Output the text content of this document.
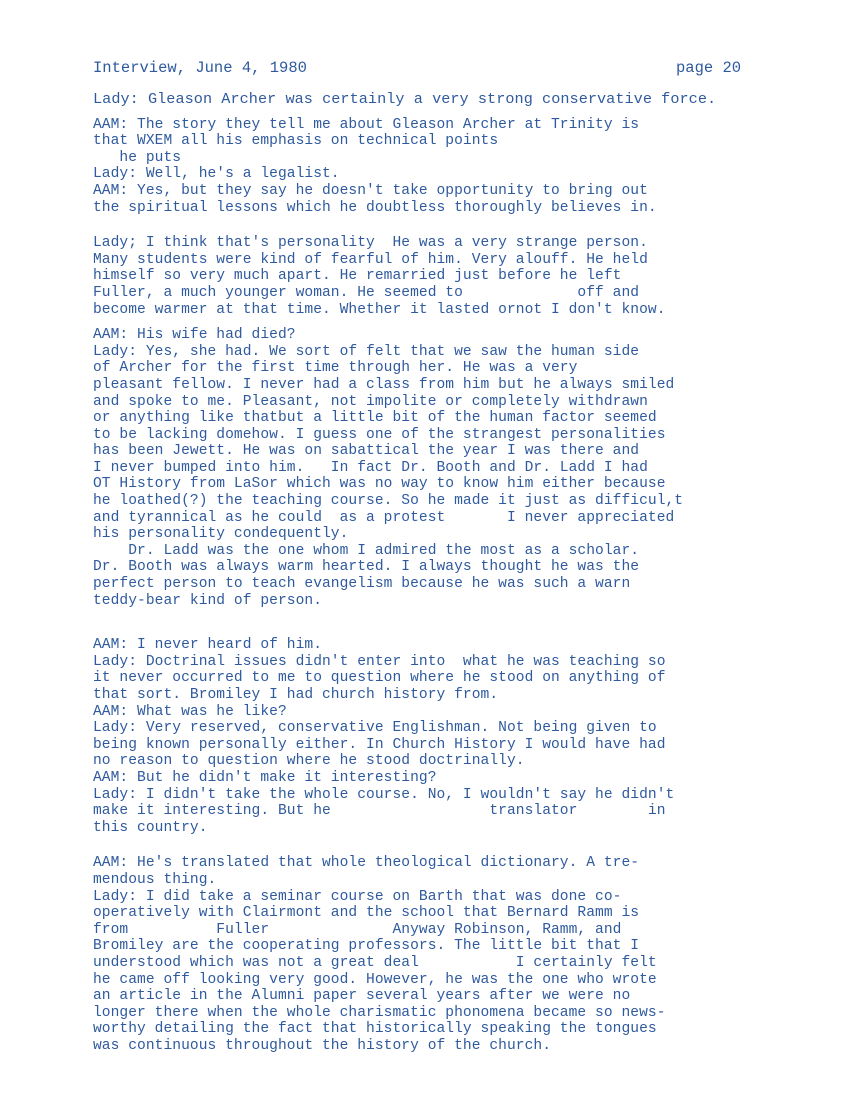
Interview, June 4, 1980	page 20
Lady: Gleason Archer was certainly a very strong conservative force.
AAM: The story they tell me about Gleason Archer at Trinity is
that WXEM all his emphasis on technical points
he puts
Lady: Well, he's a legalist.
AAM: Yes, but they say he doesn't take opportunity to bring out
the spiritual lessons which he doubtless thoroughly believes in.
Lady; I think that's personality  He was a very strange person.
Many students were kind of fearful of him. Very alouff. He held
himself so very much apart. He remarried just before he left
Fuller, a much younger woman. He seemed to             off and
become warmer at that time. Whether it lasted ornot I don't know.
AAM: His wife had died?
Lady: Yes, she had. We sort of felt that we saw the human side
of Archer for the first time through her. He was a very
pleasant fellow. I never had a class from him but he always smiled
and spoke to me. Pleasant, not impolite or completely withdrawn
or anything like thatbut a little bit of the human factor seemed
to be lacking domehow. I guess one of the strangest personalities
has been Jewett. He was on sabattical the year I was there and
I never bumped into him.   In fact Dr. Booth and Dr. Ladd I had
OT History from LaSor which was no way to know him either because
he loathed(?) the teaching course. So he made it just as difficul,t
and tyrannical as he could  as a protest       I never appreciated
his personality condequently.
Dr. Ladd was the one whom I admired the most as a scholar.
Dr. Booth was always warm hearted. I always thought he was the
perfect person to teach evangelism because he was such a warn
teddy-bear kind of person.
AAM: I never heard of him.
Lady: Doctrinal issues didn't enter into  what he was teaching so
it never occurred to me to question where he stood on anything of
that sort. Bromiley I had church history from.
AAM: What was he like?
Lady: Very reserved, conservative Englishman. Not being given to
being known personally either. In Church History I would have had
no reason to question where he stood doctrinally.
AAM: But he didn't make it interesting?
Lady: I didn't take the whole course. No, I wouldn't say he didn't
make it interesting. But he                  translator        in
this country.
AAM: He's translated that whole theological dictionary. A tre-
mendous thing.
Lady: I did take a seminar course on Barth that was done co-
operatively with Clairmont and the school that Bernard Ramm is
from          Fuller              Anyway Robinson, Ramm, and
Bromiley are the cooperating professors. The little bit that I
understood which was not a great deal           I certainly felt
he came off looking very good. However, he was the one who wrote
an article in the Alumni paper several years after we were no
longer there when the whole charismatic phonomena became so news-
worthy detailing the fact that historically speaking the tongues
was continuous throughout the history of the church.
